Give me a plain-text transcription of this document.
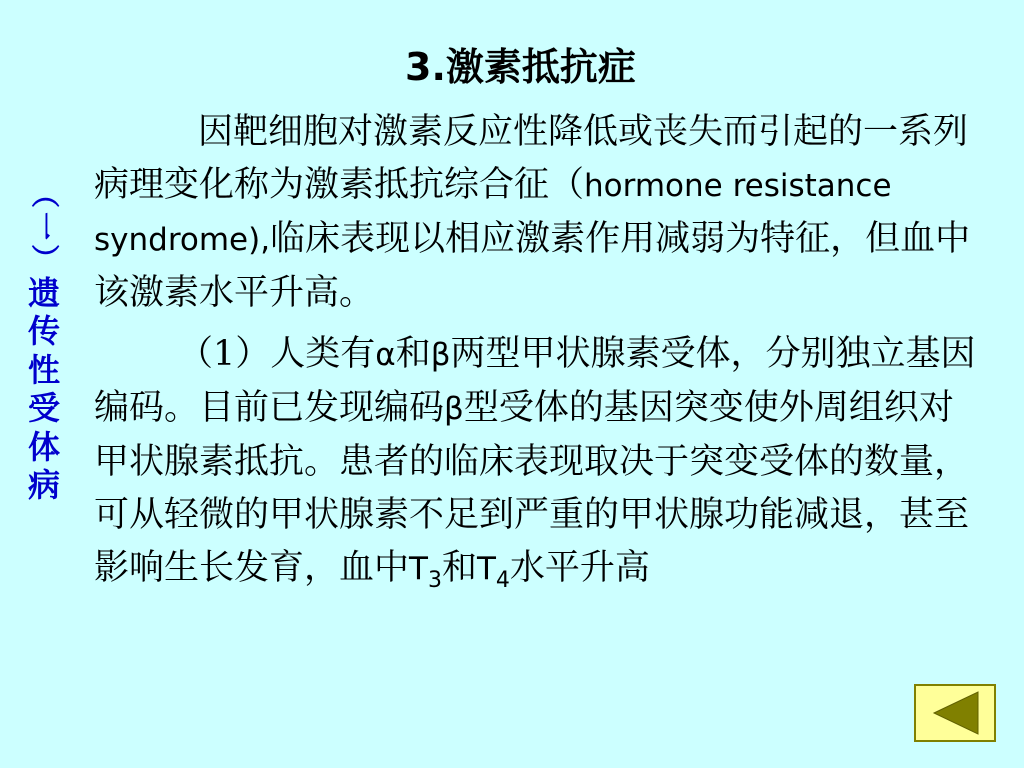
3.激素抵抗症
（
一
）
遗
传
性
受
体
病

因靶细胞对激素反应性降低或丧失而引起的一系列病理变化称为激素抵抗综合征（hormone resistance syndrome),临床表现以相应激素作用减弱为特征，但血中该激素水平升高。

（1）人类有α和β两型甲状腺素受体，分别独立基因编码。目前已发现编码β型受体的基因突变使外周组织对甲状腺素抵抗。患者的临床表现取决于突变受体的数量，可从轻微的甲状腺素不足到严重的甲状腺功能减退，甚至影响生长发育，血中$T_3$和$T_4$水平升高
